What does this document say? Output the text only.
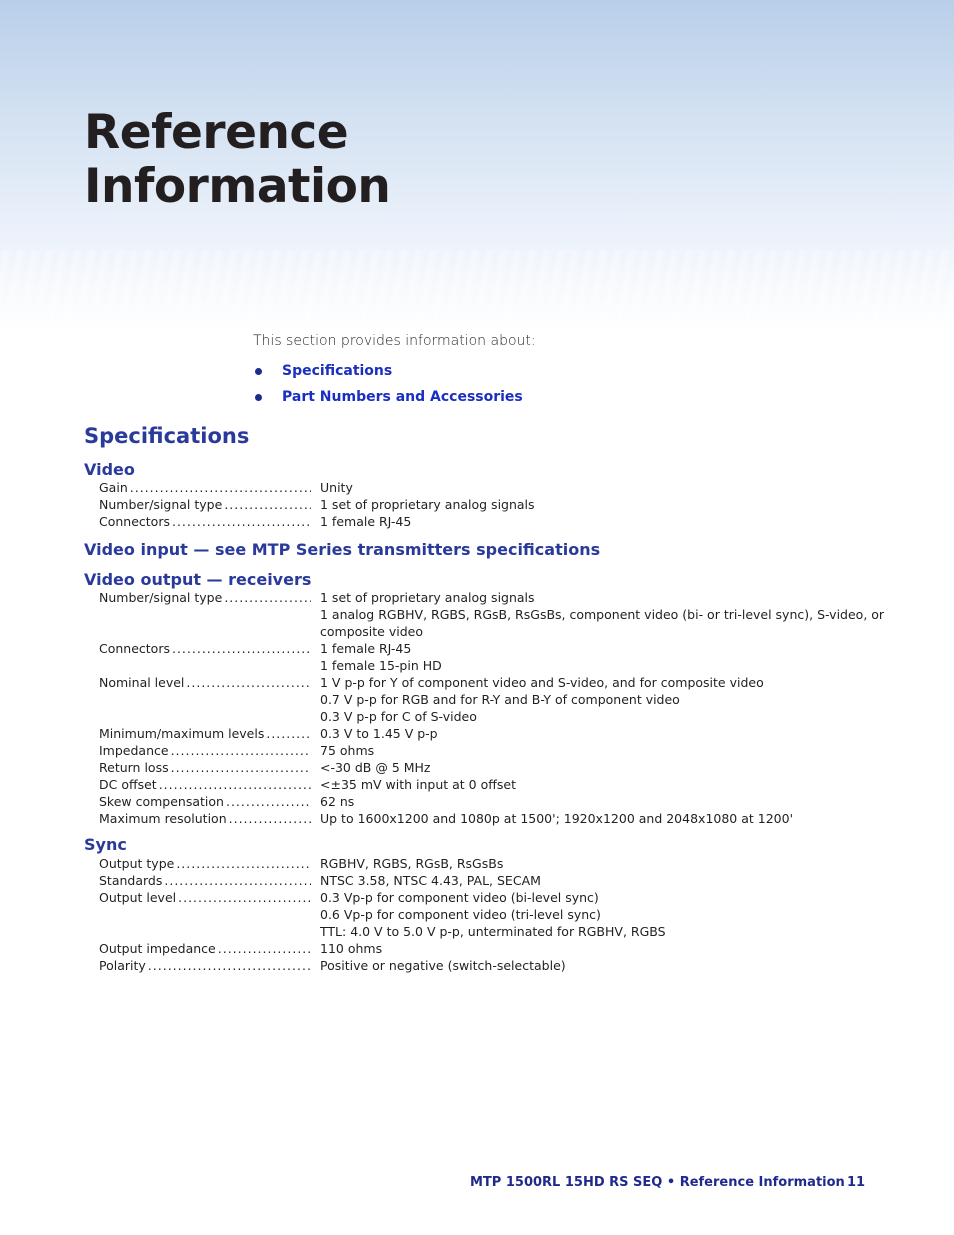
Reference
Information
This section provides information about:
Specifications
Part Numbers and Accessories
Specifications
Video
Gain .....	Unity
Number/signal type .....	1 set of proprietary analog signals
Connectors .....	1 female RJ-45
Video input — see MTP Series transmitters specifications
Video output — receivers
Number/signal type .....	1 set of proprietary analog signals
1 analog RGBHV, RGBS, RGsB, RsGsBs, component video (bi- or tri-level sync), S-video, or composite video
Connectors .....	1 female RJ-45
1 female 15-pin HD
Nominal level .....	1 V p-p for Y of component video and S-video, and for composite video
0.7 V p-p for RGB and for R-Y and B-Y of component video
0.3 V p-p for C of S-video
Minimum/maximum levels .....	0.3 V to 1.45 V p-p
Impedance .....	75 ohms
Return loss .....	<-30 dB @ 5 MHz
DC offset .....	<±35 mV with input at 0 offset
Skew compensation .....	62 ns
Maximum resolution .....	Up to 1600x1200 and 1080p at 1500'; 1920x1200 and 2048x1080 at 1200'
Sync
Output type .....	RGBHV, RGBS, RGsB, RsGsBs
Standards .....	NTSC 3.58, NTSC 4.43, PAL, SECAM
Output level .....	0.3 Vp-p for component video (bi-level sync)
0.6 Vp-p for component video (tri-level sync)
TTL: 4.0 V to 5.0 V p-p, unterminated for RGBHV, RGBS
Output impedance .....	110 ohms
Polarity .....	Positive or negative (switch-selectable)
MTP 1500RL 15HD RS SEQ • Reference Information 11
